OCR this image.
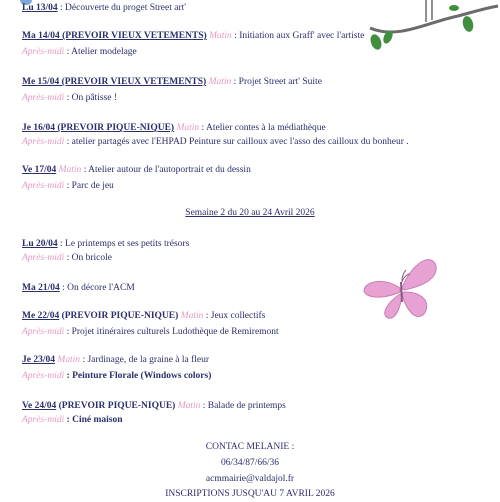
Lu 13/04 : Découverte du proget Street art'
Ma 14/04 (PREVOIR VIEUX VETEMENTS) Matin : Initiation aux Graff' avec l'artiste
Après-midi : Atelier modelage
Me 15/04 (PREVOIR VIEUX VETEMENTS) Matin : Projet Street art' Suite
Après-midi : On pâtisse !
Je 16/04 (PREVOIR PIQUE-NIQUE) Matin : Atelier contes à la médiathèque
Après-midi : atelier partagés avec l'EHPAD Peinture sur cailloux avec l'asso des cailloux du bonheur .
Ve 17/04 Matin : Atelier autour de l'autoportrait et du dessin
Après-midi : Parc de jeu
Semaine 2 du 20 au 24 Avril 2026
Lu 20/04 : Le printemps et ses petits trésors
Après-midi : On bricole
Ma 21/04 : On décore l'ACM
Me 22/04 (PREVOIR PIQUE-NIQUE) Matin : Jeux collectifs
Après-midi : Projet itinéraires culturels Ludothèque de Remiremont
Je 23/04 Matin : Jardinage, de la graine à la fleur
Après-midi : Peinture Florale (Windows colors)
Ve 24/04 (PREVOIR PIQUE-NIQUE) Matin : Balade de printemps
Après-midi : Ciné maison
CONTAC MELANIE :
06/34/87/66/36
acmmairie@valdajol.fr
INSCRIPTIONS JUSQU'AU 7 AVRIL 2026
